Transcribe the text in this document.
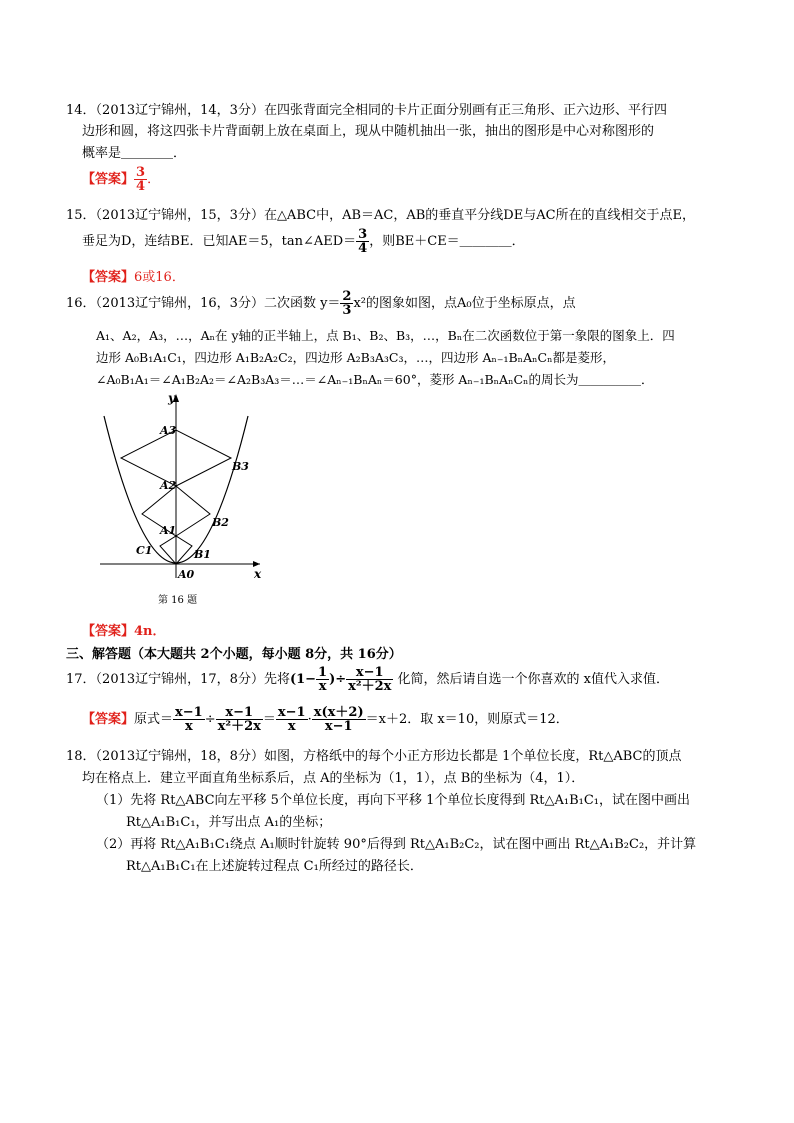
14．（2013辽宁锦州，14，3分）在四张背面完全相同的卡片正面分别画有正三角形、正六边形、平行四
边形和圆，将这四张卡片背面朝上放在桌面上，现从中随机抽出一张，抽出的图形是中心对称图形的
概率是＿＿＿＿．
【答案】 $\frac{3}{4}$ ．
15．（2013辽宁锦州，15，3分）在△ABC中，AB＝AC，AB的垂直平分线DE与AC所在的直线相交于点E，
垂足为D，连结BE．已知AE＝5，tan∠AED＝ $\frac{3}{4}$ ，则BE＋CE＝＿＿＿＿．
【答案】6或16．
16．（2013辽宁锦州，16，3分）二次函数 $y= \frac{2}{3} x^2$的图象如图，点A₀位于坐标原点，点
A₁、A₂，A₃，…，Aₙ在 y轴的正半轴上，点 B₁、B₂、B₃，…，Bₙ在二次函数位于第一象限的图象上．四
边形 A₀B₁A₁C₁，四边形 A₁B₂A₂C₂，四边形 A₂B₃A₃C₃，…，四边形 Aₙ₋₁BₙAₙCₙ都是菱形，
∠A₀B₁A₁＝∠A₁B₂A₂＝∠A₂B₃A₃＝…＝∠Aₙ₋₁BₙAₙ＝60°，菱形 Aₙ₋₁BₙAₙCₙ的周长为＿＿＿＿＿．
y
x
A3
A2
A1
A0
B3
B2
B1
C1
第 16 题
【答案】4n．
三、解答题（本大题共 2个小题，每小题 8分，共 16分）
17．（2013辽宁锦州，17，8分）先将($1- \frac{1}{x}$ )÷ $\frac{x-1}{\text{x²＋2x}}$ 化简，然后请自选一个你喜欢的 x值代入求值．
【答案】原式＝ $\frac{x-1}{x} \div \frac{x-1}{\text{x²＋2x}} = \frac{x-1}{x} \cdot \frac{x(x+2)}{x-1} =x+2$．取 x＝10，则原式＝12．
18．（2013辽宁锦州，18，8分）如图，方格纸中的每个小正方形边长都是 1个单位长度，Rt△ABC的顶点
均在格点上．建立平面直角坐标系后，点 A的坐标为（1，1），点 B的坐标为（4，1）．
（1）先将 Rt△ABC向左平移 5个单位长度，再向下平移 1个单位长度得到 Rt△A₁B₁C₁，试在图中画出
Rt△A₁B₁C₁，并写出点 A₁的坐标；
（2）再将 Rt△A₁B₁C₁绕点 A₁顺时针旋转 90°后得到 Rt△A₁B₂C₂，试在图中画出 Rt△A₁B₂C₂，并计算
Rt△A₁B₁C₁在上述旋转过程点 C₁所经过的路径长．
